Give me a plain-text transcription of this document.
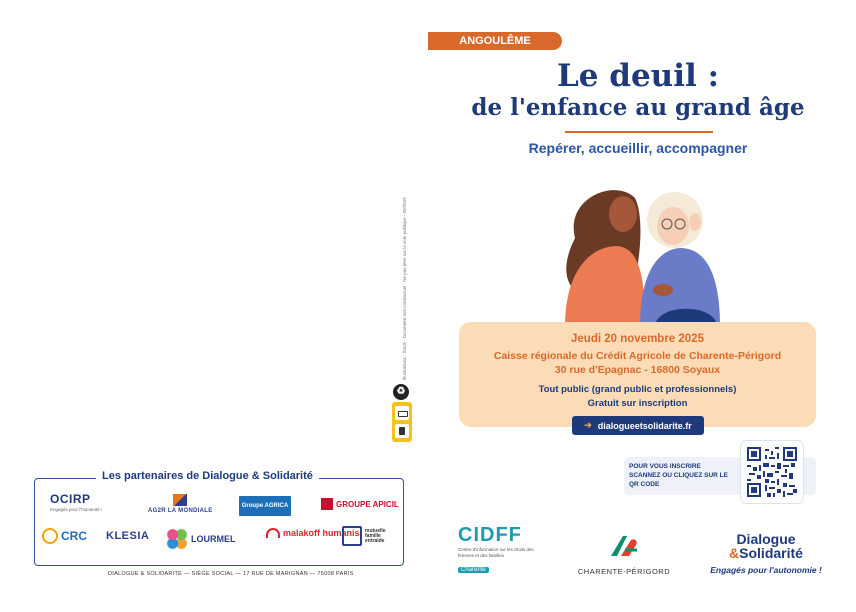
Illustrations : Stock - Document non contractuel - Ne pas jeter sur la voie publique - 09/2025
♻
Les partenaires de Dialogue & Solidarité
OCIRP
Engagés pour l'humanité !	AG2R LA MONDIALE
Groupe AGRICA	GROUPE APICIL
CRC KLESIA	LOURMEL
malakoff humanis mutuelle famille entraide
DIALOGUE & SOLIDARITÉ — SIÈGE SOCIAL — 17 RUE DE MARIGNAN — 75008 PARIS
ANGOULÊME
Le deuil :
de l'enfance au grand âge
Repérer, accueillir, accompagner
Jeudi 20 novembre 2025
Caisse régionale du Crédit Agricole de Charente-Périgord
30 rue d'Epagnac - 16800 Soyaux
Tout public (grand public et professionnels)
Gratuit sur inscription
➔ dialogueetsolidarite.fr
POUR VOUS INSCRIRE SCANNEZ OU CLIQUEZ SUR LE QR CODE
CIDFF
Centre d'information sur les droits des femmes et des familles
Charente	CHARENTE-PÉRIGORD
Dialogue
&Solidarité
Engagés pour l'autonomie !
